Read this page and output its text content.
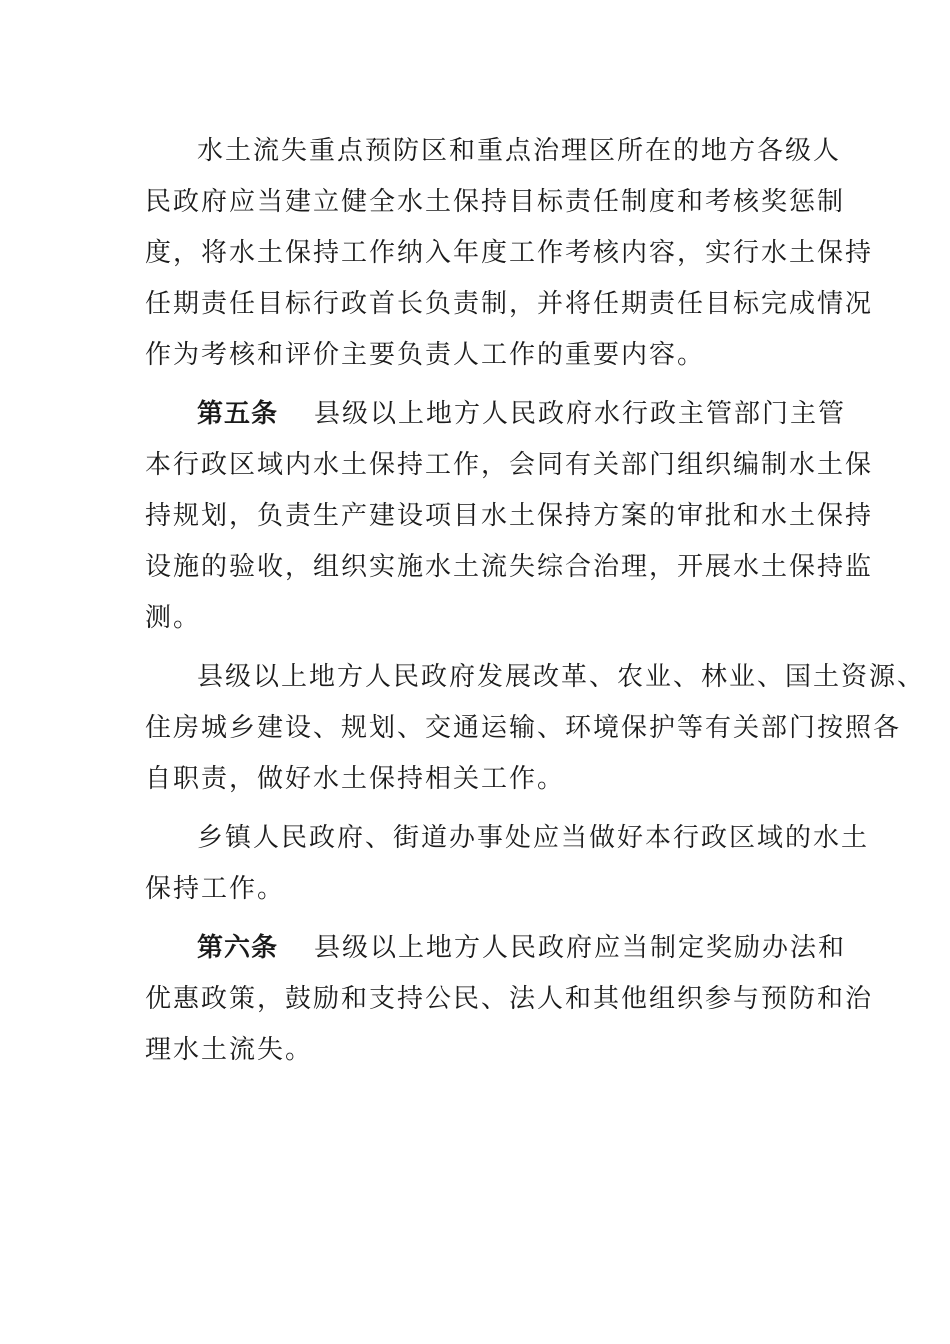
水土流失重点预防区和重点治理区所在的地方各级人
民政府应当建立健全水土保持目标责任制度和考核奖惩制
度，将水土保持工作纳入年度工作考核内容，实行水土保持
任期责任目标行政首长负责制，并将任期责任目标完成情况
作为考核和评价主要负责人工作的重要内容。

第五条 县级以上地方人民政府水行政主管部门主管
本行政区域内水土保持工作，会同有关部门组织编制水土保
持规划，负责生产建设项目水土保持方案的审批和水土保持
设施的验收，组织实施水土流失综合治理，开展水土保持监
测。

县级以上地方人民政府发展改革、农业、林业、国土资源、
住房城乡建设、规划、交通运输、环境保护等有关部门按照各
自职责，做好水土保持相关工作。

乡镇人民政府、街道办事处应当做好本行政区域的水土
保持工作。

第六条 县级以上地方人民政府应当制定奖励办法和
优惠政策，鼓励和支持公民、法人和其他组织参与预防和治
理水土流失。
